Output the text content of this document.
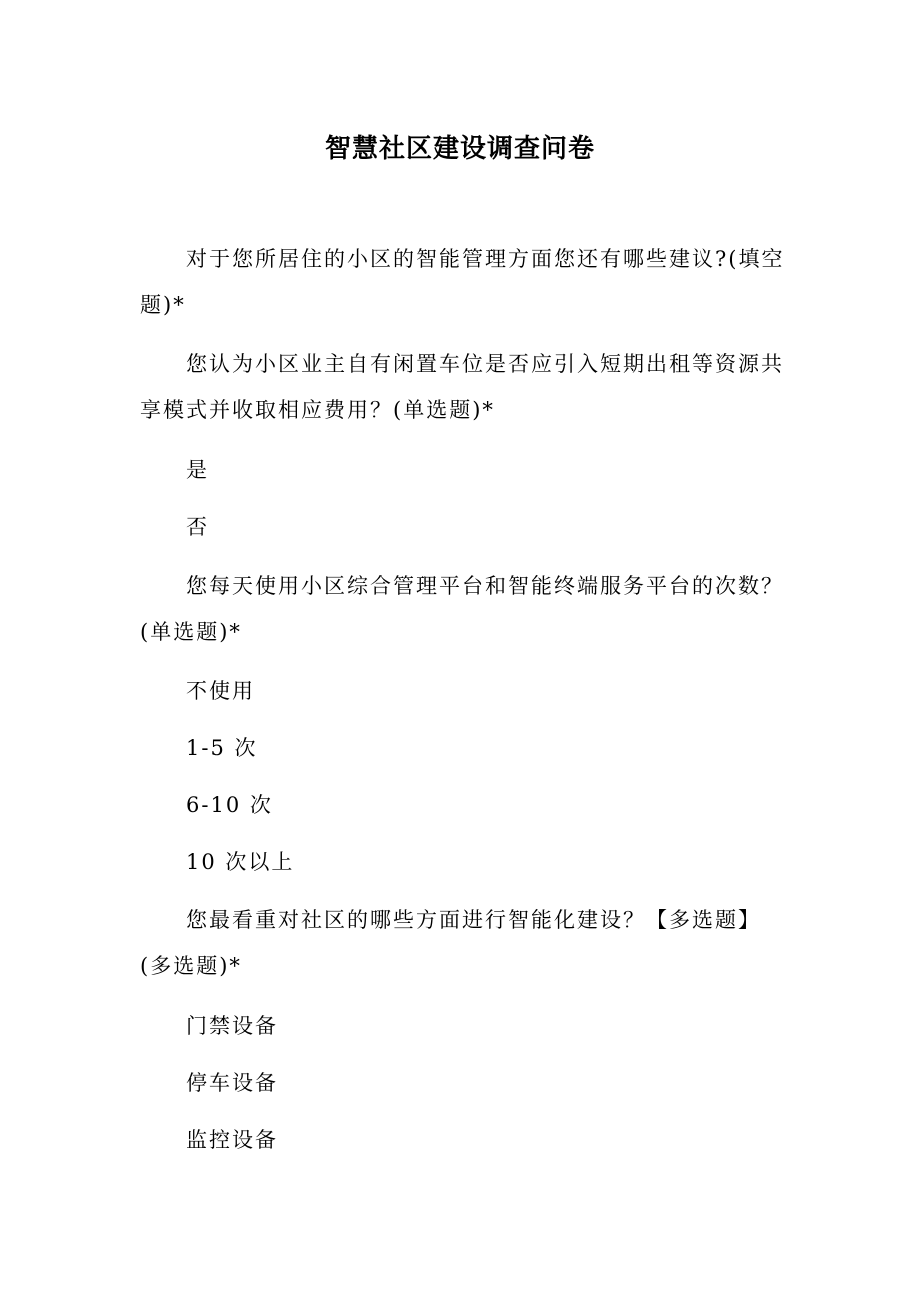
智慧社区建设调查问卷
对于您所居住的小区的智能管理方面您还有哪些建议?(填空题)*
您认为小区业主自有闲置车位是否应引入短期出租等资源共享模式并收取相应费用？(单选题)*
是
否
您每天使用小区综合管理平台和智能终端服务平台的次数？(单选题)*
不使用
1-5 次
6-10 次
10 次以上
您最看重对社区的哪些方面进行智能化建设？【多选题】(多选题)*
门禁设备
停车设备
监控设备
